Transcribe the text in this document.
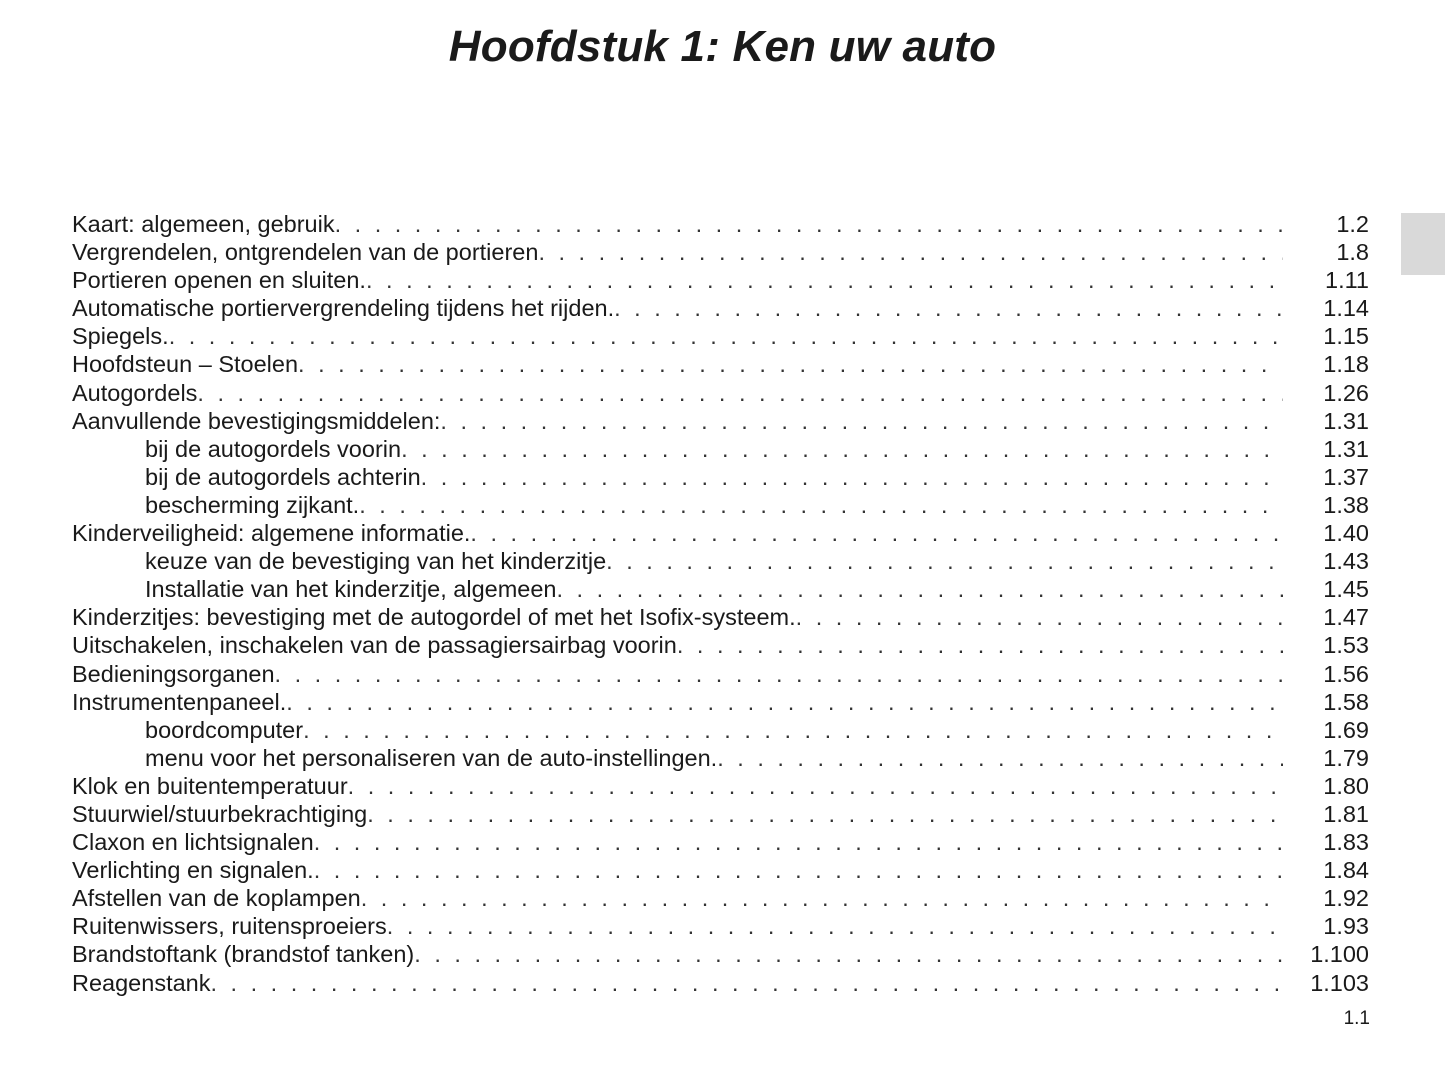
Hoofdstuk 1: Ken uw auto
Kaart: algemeen, gebruik . . .	1.2
Vergrendelen, ontgrendelen van de portieren . . .	1.8
Portieren openen en sluiten. . . .	1.11
Automatische portiervergrendeling tijdens het rijden. . . .	1.14
Spiegels. . . .	1.15
Hoofdsteun – Stoelen . . .	1.18
Autogordels . . .	1.26
Aanvullende bevestigingsmiddelen: . . .	1.31
bij de autogordels voorin . . .	1.31
bij de autogordels achterin . . .	1.37
bescherming zijkant. . . .	1.38
Kinderveiligheid: algemene informatie. . . .	1.40
keuze van de bevestiging van het kinderzitje . . .	1.43
Installatie van het kinderzitje, algemeen . . .	1.45
Kinderzitjes: bevestiging met de autogordel of met het Isofix-systeem. . . .	1.47
Uitschakelen, inschakelen van de passagiersairbag voorin . . .	1.53
Bedieningsorganen . . .	1.56
Instrumentenpaneel. . . .	1.58
boordcomputer . . .	1.69
menu voor het personaliseren van de auto-instellingen. . . .	1.79
Klok en buitentemperatuur . . .	1.80
Stuurwiel/stuurbekrachtiging . . .	1.81
Claxon en lichtsignalen . . .	1.83
Verlichting en signalen. . . .	1.84
Afstellen van de koplampen . . .	1.92
Ruitenwissers, ruitensproeiers . . .	1.93
Brandstoftank (brandstof tanken) . . .	1.100
Reagenstank . . .	1.103
1.1
